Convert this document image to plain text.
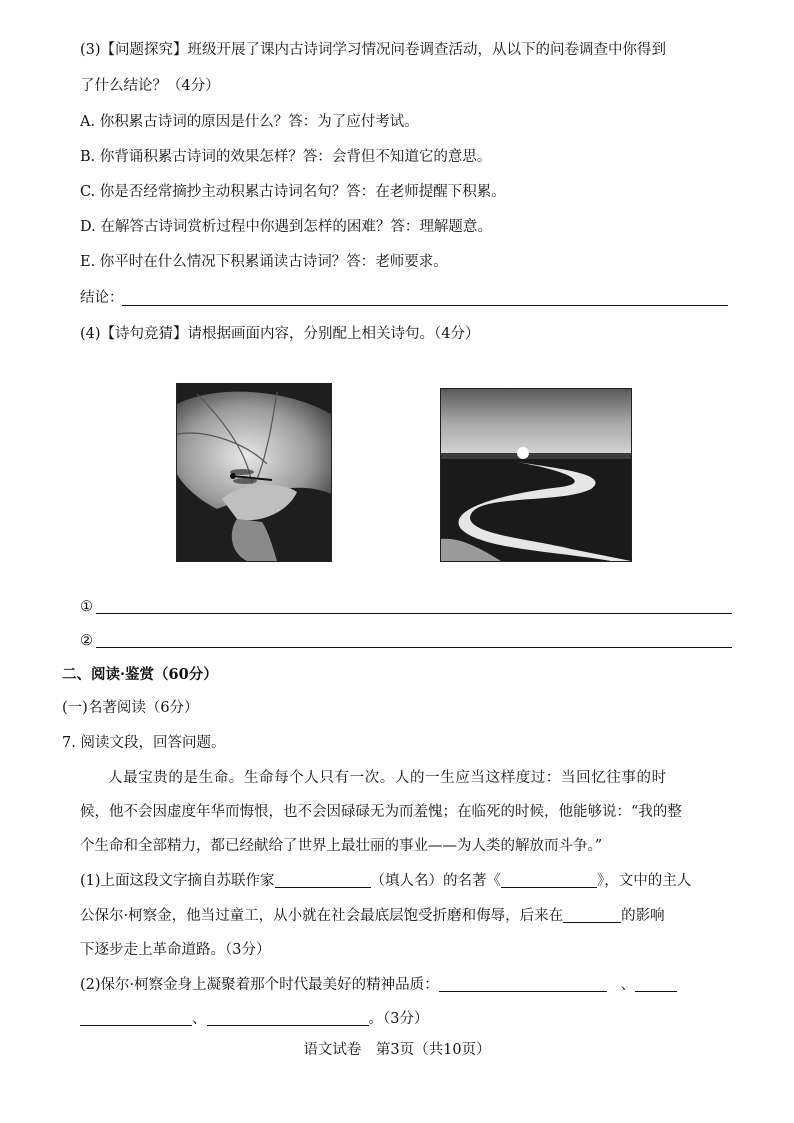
(3)【问题探究】班级开展了课内古诗词学习情况问卷调查活动，从以下的问卷调查中你得到
了什么结论？（4分）
A. 你积累古诗词的原因是什么？答：为了应付考试。
B. 你背诵积累古诗词的效果怎样？答：会背但不知道它的意思。
C. 你是否经常摘抄主动积累古诗词名句？答：在老师提醒下积累。
D. 在解答古诗词赏析过程中你遇到怎样的困难？答：理解题意。
E. 你平时在什么情况下积累诵读古诗词？答：老师要求。
结论：
(4)【诗句竞猜】请根据画面内容，分别配上相关诗句。（4分）
①
②
二、阅读·鉴赏（60分）
(一)名著阅读（6分）
7. 阅读文段，回答问题。
人最宝贵的是生命。生命每个人只有一次。人的一生应当这样度过：当回忆往事的时
候，他不会因虚度年华而悔恨，也不会因碌碌无为而羞愧；在临死的时候，他能够说：“我的整
个生命和全部精力，都已经献给了世界上最壮丽的事业——为人类的解放而斗争。”
(1)上面这段文字摘自苏联作家	（填人名）的名著《	》，文中的主人
公保尔·柯察金，他当过童工，从小就在社会最底层饱受折磨和侮辱，后来在	的影响
下逐步走上革命道路。（3分）
(2)保尔·柯察金身上凝聚着那个时代最美好的精神品质：	、
、	。（3分）
语文试卷　第3页（共10页）
